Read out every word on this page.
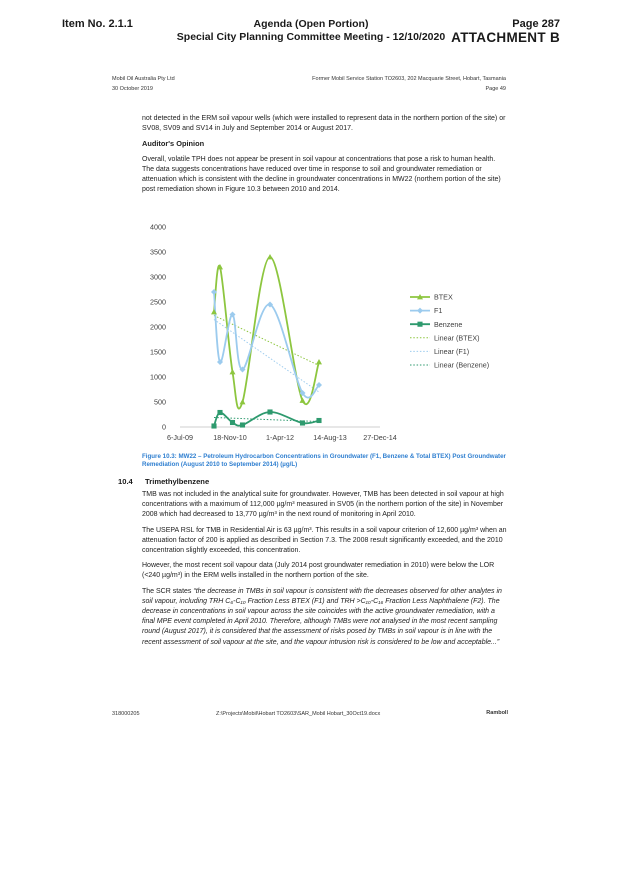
Item No. 2.1.1	Agenda (Open Portion)
Special City Planning Committee Meeting - 12/10/2020
Page 287
ATTACHMENT B
Mobil Oil Australia Pty Ltd
30 October 2019
Former Mobil Service Station TO2603, 202 Macquarie Street, Hobart, Tasmania
Page 49

not detected in the ERM soil vapour wells (which were installed to represent data in the northern portion of the site) or SV08, SV09 and SV14 in July and September 2014 or August 2017.

Auditor's Opinion

Overall, volatile TPH does not appear be present in soil vapour at concentrations that pose a risk to human health. The data suggests concentrations have reduced over time in response to soil and groundwater remediation or attenuation which is consistent with the decline in groundwater concentrations in MW22 (northern portion of the site) post remediation shown in Figure 10.3 between 2010 and 2014.

0
500
1000
1500
2000
2500
3000
3500
4000
6-Jul-09	18-Nov-10	1-Apr-12	14-Aug-13 27-Dec-14
BTEX
F1
Benzene
Linear (BTEX)
Linear (F1)
Linear (Benzene)
Figure 10.3: MW22 – Petroleum Hydrocarbon Concentrations in Groundwater (F1, Benzene & Total BTEX) Post Groundwater Remediation (August 2010 to September 2014) (µg/L)
10.4 Trimethylbenzene

TMB was not included in the analytical suite for groundwater. However, TMB has been detected in soil vapour at high concentrations with a maximum of 112,000 µg/m³ measured in SV05 (in the northern portion of the site) in November 2008 which had decreased to 13,770 µg/m³ in the next round of monitoring in April 2010.

The USEPA RSL for TMB in Residential Air is 63 µg/m³. This results in a soil vapour criterion of 12,600 µg/m³ when an attenuation factor of 200 is applied as described in Section 7.3. The 2008 result significantly exceeded, and the 2010 concentration slightly exceeded, this concentration.

However, the most recent soil vapour data (July 2014 post groundwater remediation in 2010) were below the LOR (<240 µg/m³) in the ERM wells installed in the northern portion of the site.

The SCR states “the decrease in TMBs in soil vapour is consistent with the decreases observed for other analytes in soil vapour, including TRH C₆-C₁₀ Fraction Less BTEX (F1) and TRH >C₁₀-C₁₆ Fraction Less Naphthalene (F2). The decrease in concentrations in soil vapour across the site coincides with the active groundwater remediation, with a final MPE event completed in April 2010. Therefore, although TMBs were not analysed in the most recent sampling round (August 2017), it is considered that the assessment of risks posed by TMBs in soil vapour is in line with the recent assessment of soil vapour at the site, and the vapour intrusion risk is considered to be low and acceptable...”

318000205	Z:\Projects\Mobil\Hobart TO2603\SAR_Mobil Hobart_30Oct19.docx	Ramboll
